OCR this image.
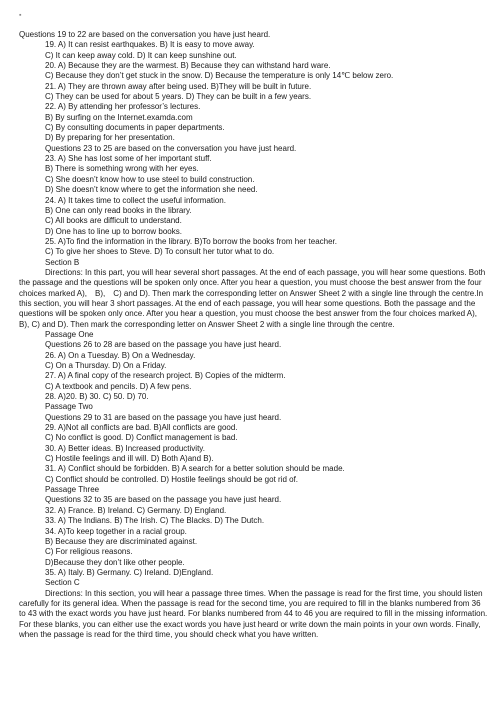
▪
Questions 19 to 22 are based on the conversation you have just heard.
19. A) It can resist earthquakes. B) It is easy to move away.
C) It can keep away cold. D) It can keep sunshine out.
20. A) Because they are the warmest. B) Because they can withstand hard ware.
C) Because they don’t get stuck in the snow. D) Because the temperature is only 14℃ below zero.
21. A) They are thrown away after being used. B)They will be built in future.
C) They can be used for about 5 years. D) They can be built in a few years.
22. A) By attending her professor’s lectures.
B) By surfing on the Internet.examda.com
C) By consulting documents in paper departments.
D) By preparing for her presentation.
Questions 23 to 25 are based on the conversation you have just heard.
23. A) She has lost some of her important stuff.
B) There is something wrong with her eyes.
C) She doesn’t know how to use steel to build construction.
D) She doesn’t know where to get the information she need.
24. A) It takes time to collect the useful information.
B) One can only read books in the library.
C) All books are difficult to understand.
D) One has to line up to borrow books.
25. A)To find the information in the library. B)To borrow the books from her teacher.
C) To give her shoes to Steve. D) To consult her tutor what to do.
Section B
Directions: In this part, you will hear several short passages. At the end of each passage, you will hear some questions. Both the passage and the questions will be spoken only once. After you hear a question, you must choose the best answer from the four choices marked A), B), C) and D). Then mark the corresponding letter on Answer Sheet 2 with a single line through the centre.In this section, you will hear 3 short passages. At the end of each passage, you will hear some questions. Both the passage and the questions will be spoken only once. After you hear a question, you must choose the best answer from the four choices marked A), B), C) and D). Then mark the corresponding letter on Answer Sheet 2 with a single line through the centre.
Passage One
Questions 26 to 28 are based on the passage you have just heard.
26. A) On a Tuesday. B) On a Wednesday.
C) On a Thursday. D) On a Friday.
27. A) A final copy of the research project. B) Copies of the midterm.
C) A textbook and pencils. D) A few pens.
28. A)20. B) 30. C) 50. D) 70.
Passage Two
Questions 29 to 31 are based on the passage you have just heard.
29. A)Not all conflicts are bad. B)All conflicts are good.
C) No conflict is good. D) Conflict management is bad.
30. A) Better ideas. B) Increased productivity.
C) Hostile feelings and ill will. D) Both A)and B).
31. A) Conflict should be forbidden. B) A search for a better solution should be made.
C) Conflict should be controlled. D) Hostile feelings should be got rid of.
Passage Three
Questions 32 to 35 are based on the passage you have just heard.
32. A) France. B) Ireland. C) Germany. D) England.
33. A) The Indians. B) The Irish. C) The Blacks. D) The Dutch.
34. A)To keep together in a racial group.
B) Because they are discriminated against.
C) For religious reasons.
D)Because they don’t like other people.
35. A) Italy. B) Germany. C) Ireland. D)England.
Section C
Directions: In this section, you will hear a passage three times. When the passage is read for the first time, you should listen carefully for its general idea. When the passage is read for the second time, you are required to fill in the blanks numbered from 36 to 43 with the exact words you have just heard. For blanks numbered from 44 to 46 you are required to fill in the missing information. For these blanks, you can either use the exact words you have just heard or write down the main points in your own words. Finally, when the passage is read for the third time, you should check what you have written.
